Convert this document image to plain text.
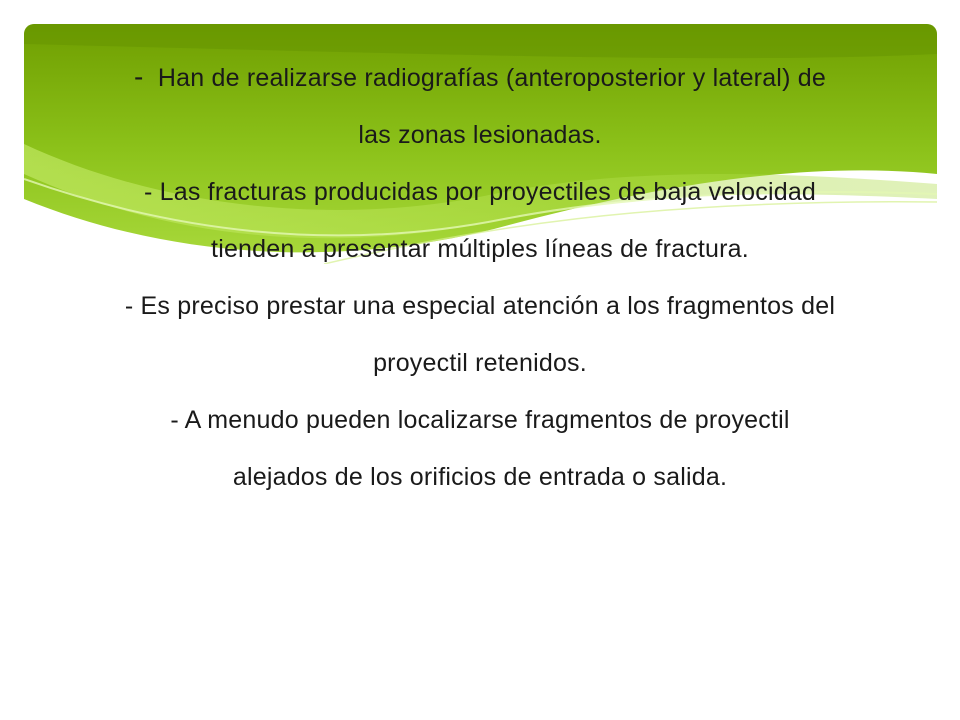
- Han de realizarse radiografías (anteroposterior y lateral) de las zonas lesionadas.

- Las fracturas producidas por proyectiles de baja velocidad tienden a presentar múltiples líneas de fractura.

- Es preciso prestar una especial atención a los fragmentos del proyectil retenidos.

- A menudo pueden localizarse fragmentos de proyectil alejados de los orificios de entrada o salida.
